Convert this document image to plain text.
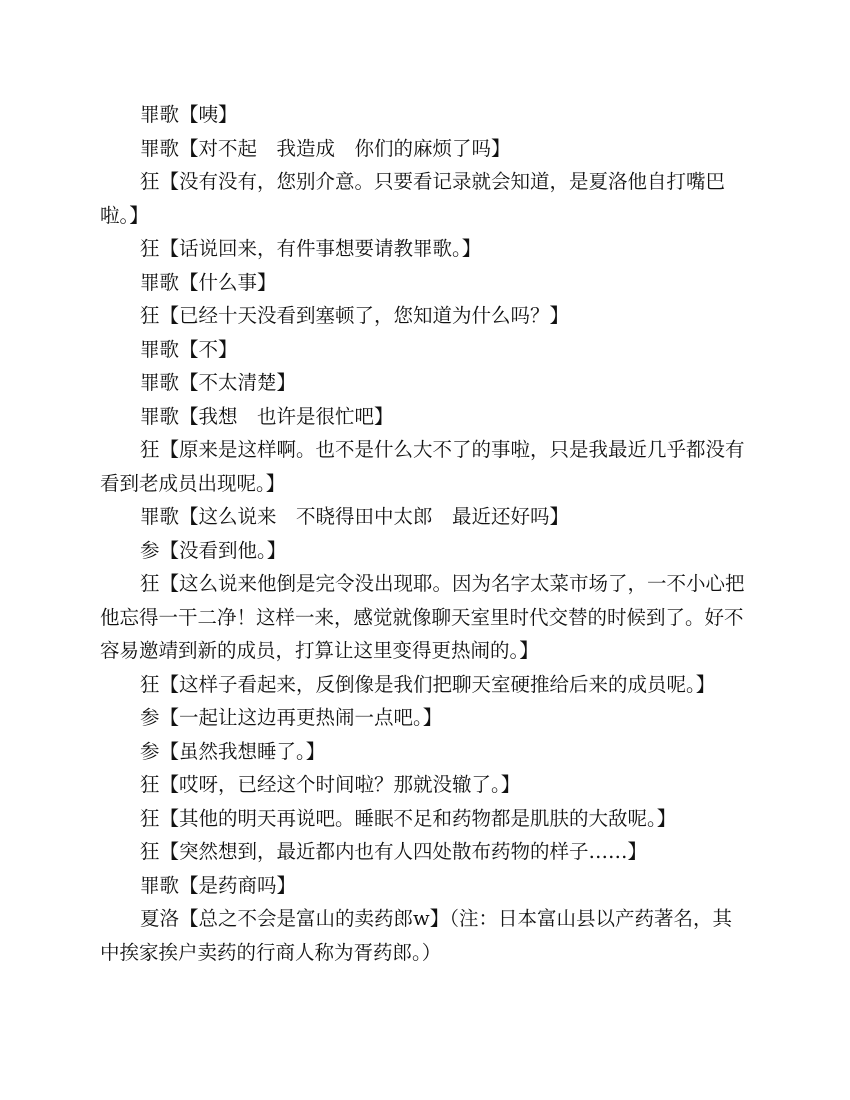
罪歌【咦】

罪歌【对不起　我造成　你们的麻烦了吗】

狂【没有没有，您别介意。只要看记录就会知道，是夏洛他自打嘴巴啦。】

狂【话说回来，有件事想要请教罪歌。】

罪歌【什么事】

狂【已经十天没看到塞顿了，您知道为什么吗？】

罪歌【不】

罪歌【不太清楚】

罪歌【我想　也许是很忙吧】

狂【原来是这样啊。也不是什么大不了的事啦，只是我最近几乎都没有看到老成员出现呢。】

罪歌【这么说来　不晓得田中太郎　最近还好吗】

参【没看到他。】

狂【这么说来他倒是完令没出现耶。因为名字太菜市场了，一不小心把他忘得一干二净！这样一来，感觉就像聊天室里时代交替的时候到了。好不容易邀靖到新的成员，打算让这里变得更热闹的。】

狂【这样子看起来，反倒像是我们把聊天室硬推给后来的成员呢。】

参【一起让这边再更热闹一点吧。】

参【虽然我想睡了。】

狂【哎呀，已经这个时间啦？那就没辙了。】

狂【其他的明天再说吧。睡眠不足和药物都是肌肤的大敌呢。】

狂【突然想到，最近都内也有人四处散布药物的样子……】

罪歌【是药商吗】

夏洛【总之不会是富山的卖药郎w】（注：日本富山县以产药著名，其中挨家挨户卖药的行商人称为胥药郎。）
